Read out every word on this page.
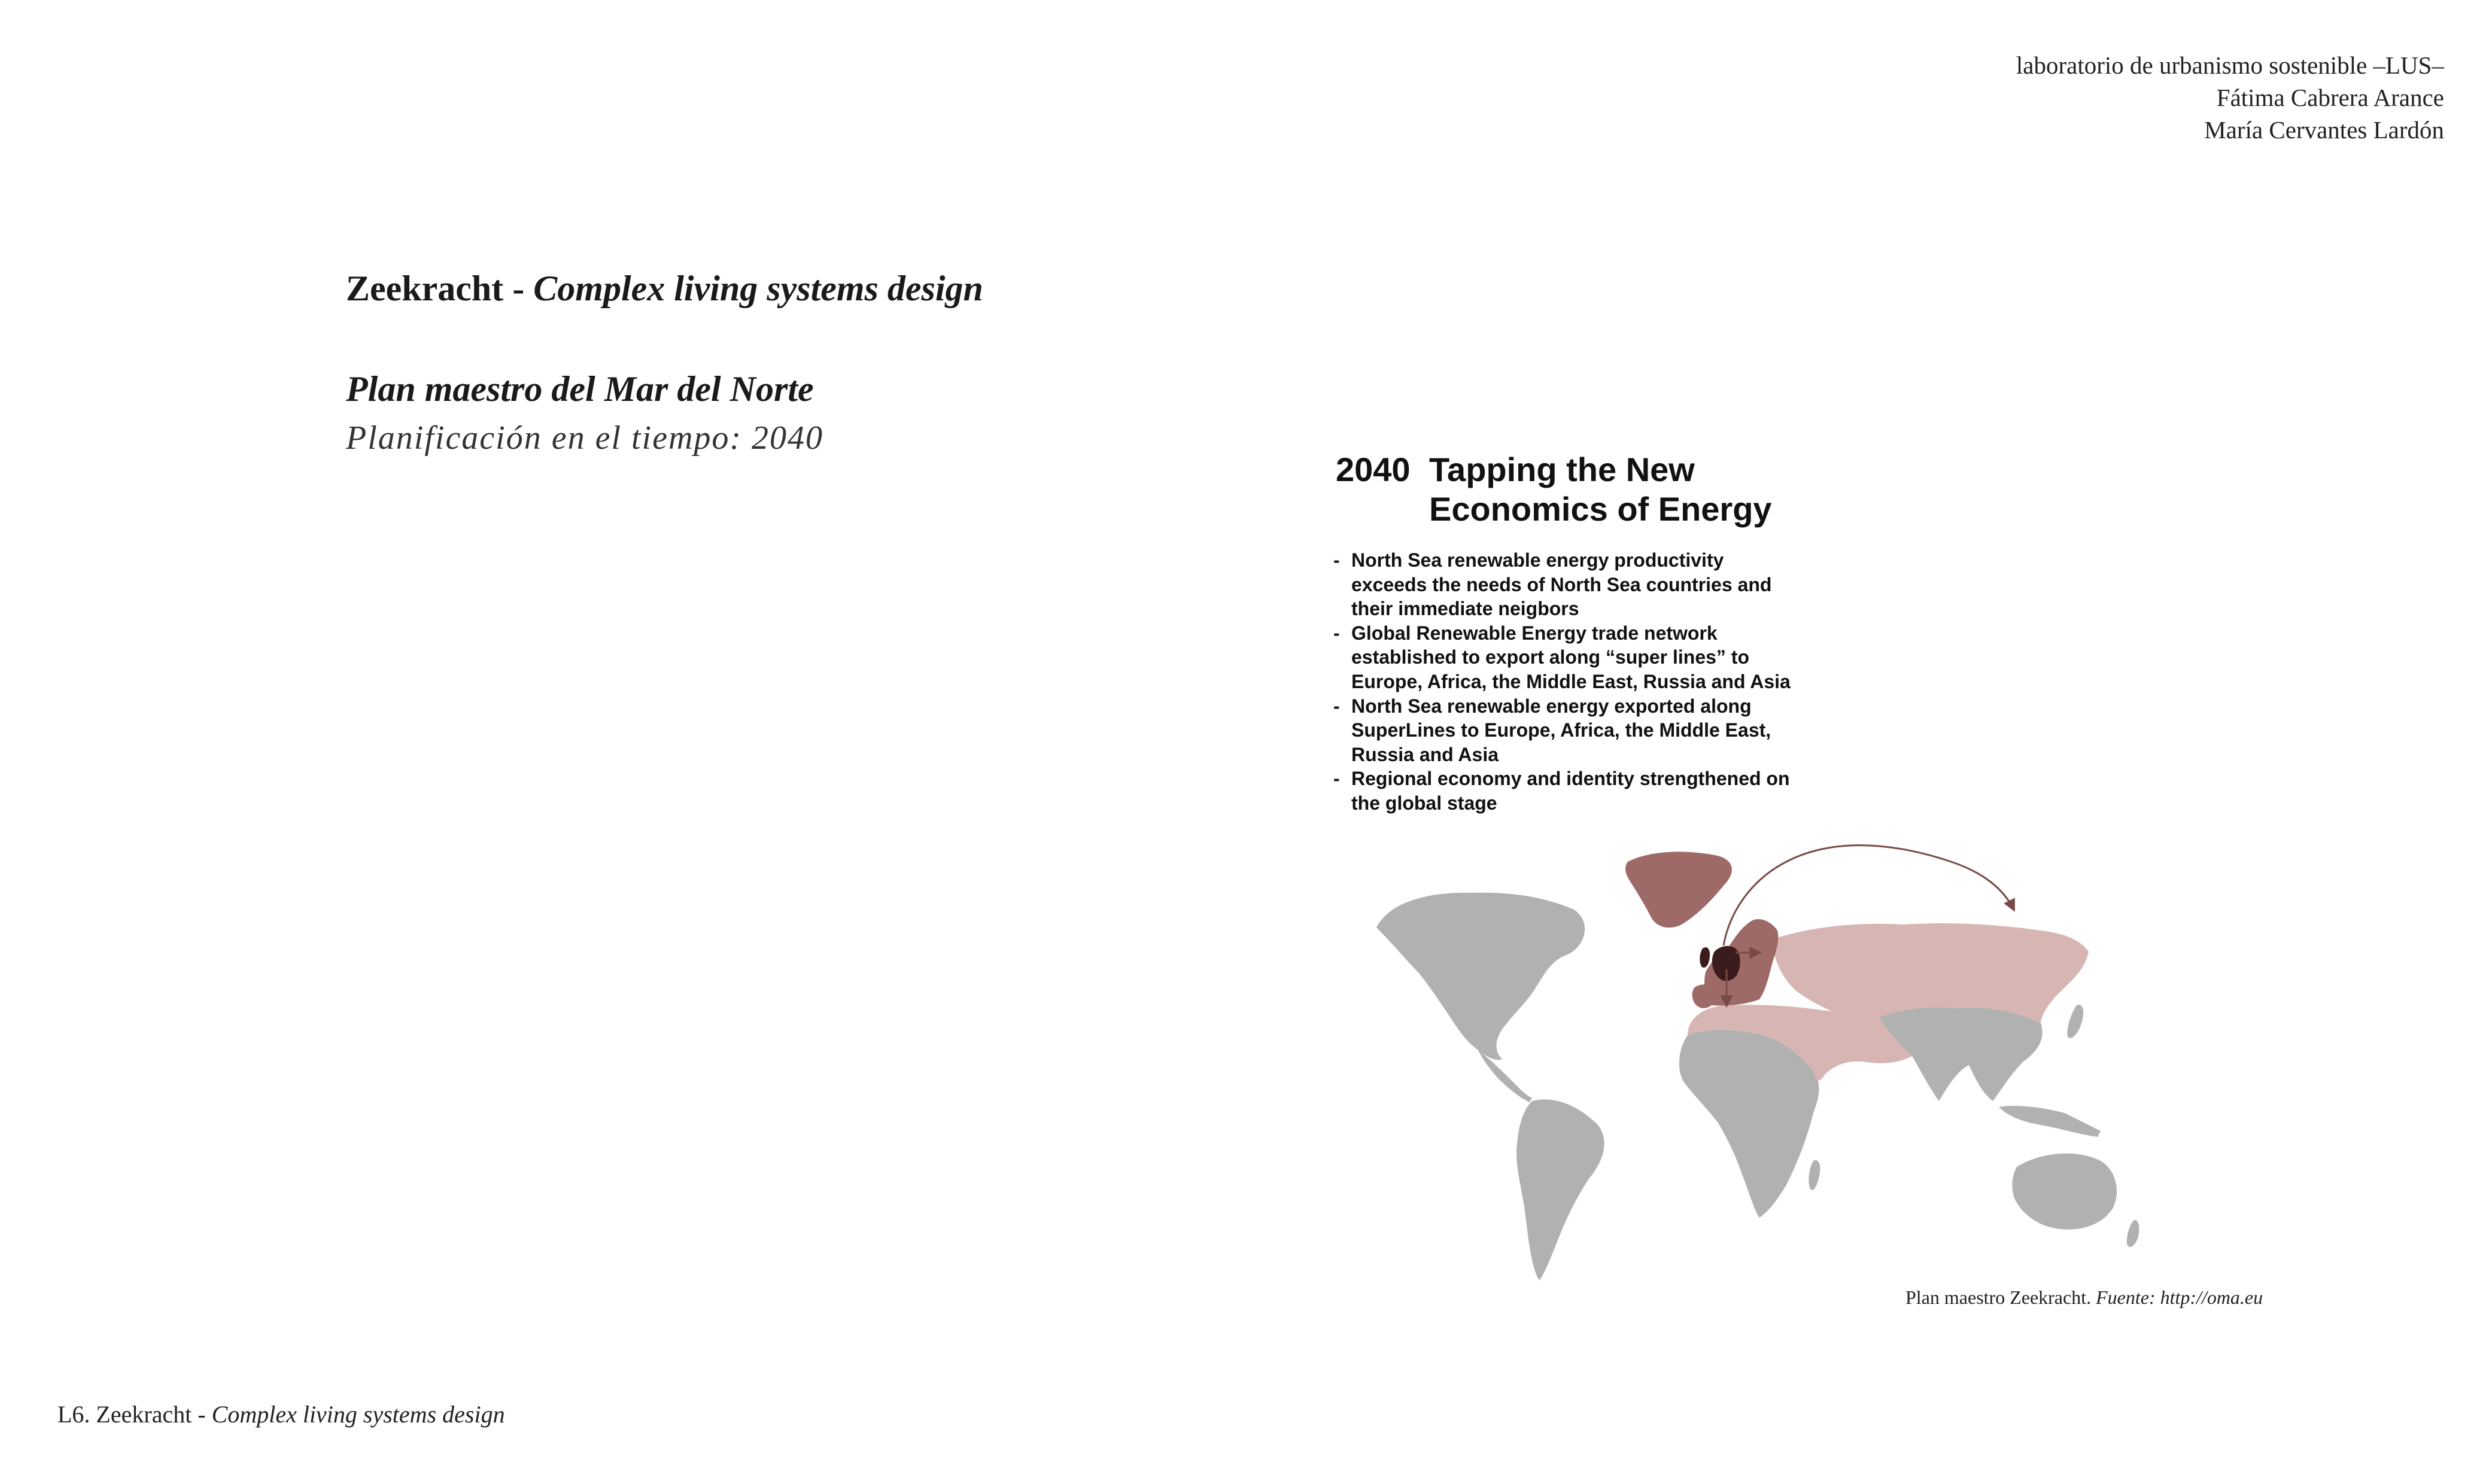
laboratorio de urbanismo sostenible –LUS–
Fátima Cabrera Arance
María Cervantes Lardón
Zeekracht - Complex living systems design
Plan maestro del Mar del Norte
Planificación en el tiempo: 2040
2040 Tapping the New Economics of Energy
- North Sea renewable energy productivity exceeds the needs of North Sea countries and their immediate neigbors
- Global Renewable Energy trade network established to export along “super lines” to Europe, Africa, the Middle East, Russia and Asia
- North Sea renewable energy exported along SuperLines to Europe, Africa, the Middle East, Russia and Asia
- Regional economy and identity strengthened on the global stage
Plan maestro Zeekracht. Fuente: http://oma.eu
L6. Zeekracht - Complex living systems design
